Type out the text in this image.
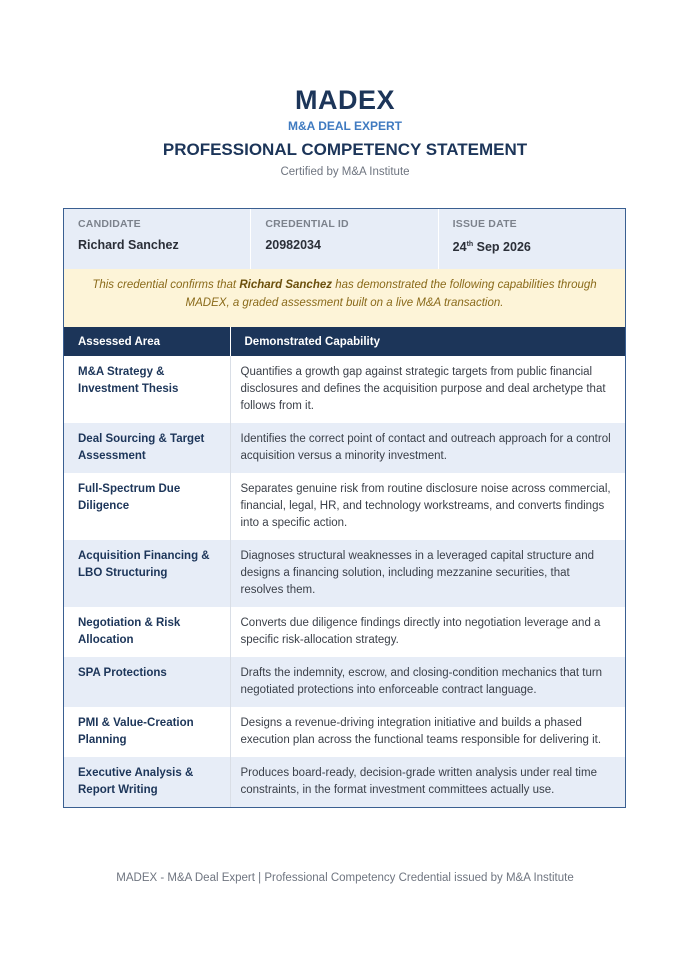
MADEX
M&A DEAL EXPERT
PROFESSIONAL COMPETENCY STATEMENT
Certified by M&A Institute
CANDIDATE
Richard Sanchez
CREDENTIAL ID
20982034
ISSUE DATE
24th Sep 2026
This credential confirms that Richard Sanchez has demonstrated the following capabilities through MADEX, a graded assessment built on a live M&A transaction.
Assessed Area	Demonstrated Capability
M&A Strategy & Investment Thesis	Quantifies a growth gap against strategic targets from public financial disclosures and defines the acquisition purpose and deal archetype that follows from it.
Deal Sourcing & Target Assessment	Identifies the correct point of contact and outreach approach for a control acquisition versus a minority investment.
Full-Spectrum Due Diligence	Separates genuine risk from routine disclosure noise across commercial, financial, legal, HR, and technology workstreams, and converts findings into a specific action.
Acquisition Financing & LBO Structuring	Diagnoses structural weaknesses in a leveraged capital structure and designs a financing solution, including mezzanine securities, that resolves them.
Negotiation & Risk Allocation	Converts due diligence findings directly into negotiation leverage and a specific risk-allocation strategy.
SPA Protections	Drafts the indemnity, escrow, and closing-condition mechanics that turn negotiated protections into enforceable contract language.
PMI & Value-Creation Planning	Designs a revenue-driving integration initiative and builds a phased execution plan across the functional teams responsible for delivering it.
Executive Analysis & Report Writing	Produces board-ready, decision-grade written analysis under real time constraints, in the format investment committees actually use.
MADEX - M&A Deal Expert | Professional Competency Credential issued by M&A Institute
